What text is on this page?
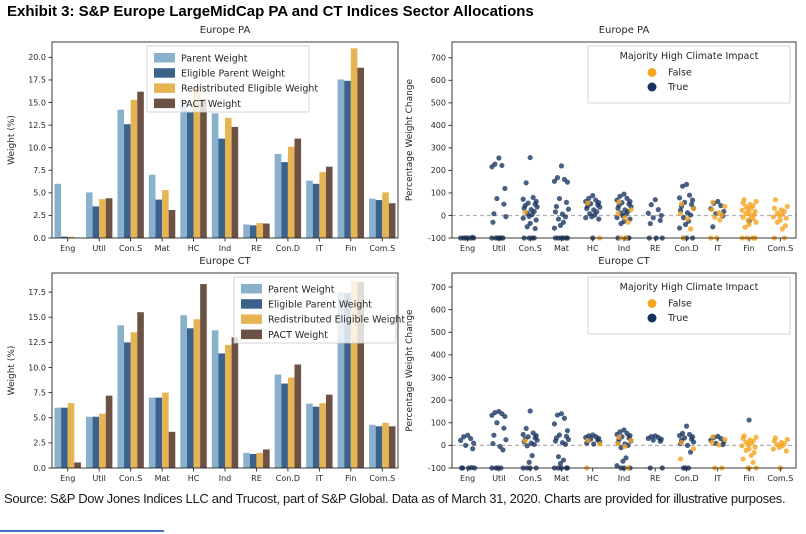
Exhibit 3: S&P Europe LargeMidCap PA and CT Indices Sector Allocations
Europe PA
0.0
2.5
5.0
7.5
10.0
12.5
15.0
17.5
20.0
Eng Util Con.S Mat HC Ind RE Con.D IT	Fin Com.S
Weight (%)
Parent Weight
Eligible Parent Weight
Redistributed Eligible Weight
PACT Weight
Europe PA
-100
0
100
200
300
400
500
600
700
Eng Util Con.S Mat HC Ind RE Con.D IT	Fin Com.S
Percentage Weight Change
Majority High Climate Impact
False
True
Europe CT
0.0
2.5
5.0
7.5
10.0
12.5
15.0
17.5
Eng Util Con.S Mat HC Ind RE Con.D IT	Fin Com.S
Weight (%)
Parent Weight
Eligible Parent Weight
Redistributed Eligible Weight
PACT Weight
Europe CT
-100
0
100
200
300
400
500
600
700
Eng Util Con.S Mat HC Ind RE Con.D IT	Fin Com.S
Percentage Weight Change
Majority High Climate Impact
False
True

Source: S&P Dow Jones Indices LLC and Trucost, part of S&P Global. Data as of March 31, 2020. Charts are provided for illustrative purposes.
